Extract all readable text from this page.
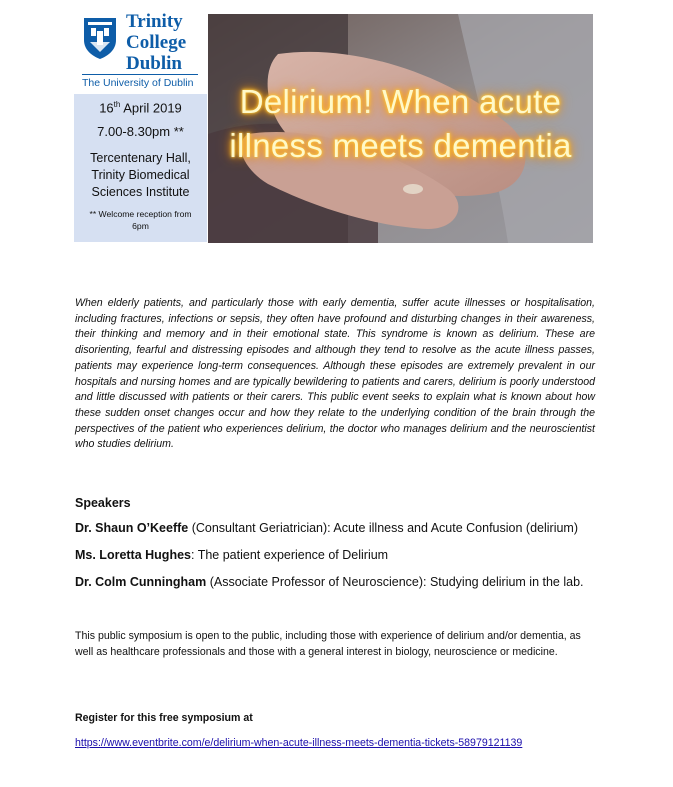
Trinity
College
Dublin
The University of Dublin
16th April 2019
7.00-8.30pm **
Tercentenary Hall, Trinity Biomedical Sciences Institute
** Welcome reception from 6pm
Delirium! When acute
illness meets dementia
When elderly patients, and particularly those with early dementia, suffer acute illnesses or hospitalisation, including fractures, infections or sepsis, they often have profound and disturbing changes in their awareness, their thinking and memory and in their emotional state. This syndrome is known as delirium. These are disorienting, fearful and distressing episodes and although they tend to resolve as the acute illness passes, patients may experience long-term consequences. Although these episodes are extremely prevalent in our hospitals and nursing homes and are typically bewildering to patients and carers, delirium is poorly understood and little discussed with patients or their carers. This public event seeks to explain what is known about how these sudden onset changes occur and how they relate to the underlying condition of the brain through the perspectives of the patient who experiences delirium, the doctor who manages delirium and the neuroscientist who studies delirium.
Speakers
Dr. Shaun O’Keeffe (Consultant Geriatrician): Acute illness and Acute Confusion (delirium)
Ms. Loretta Hughes: The patient experience of Delirium
Dr. Colm Cunningham (Associate Professor of Neuroscience): Studying delirium in the lab.
This public symposium is open to the public, including those with experience of delirium and/or dementia, as well as healthcare professionals and those with a general interest in biology, neuroscience or medicine.
Register for this free symposium at
https://www.eventbrite.com/e/delirium-when-acute-illness-meets-dementia-tickets-58979121139
